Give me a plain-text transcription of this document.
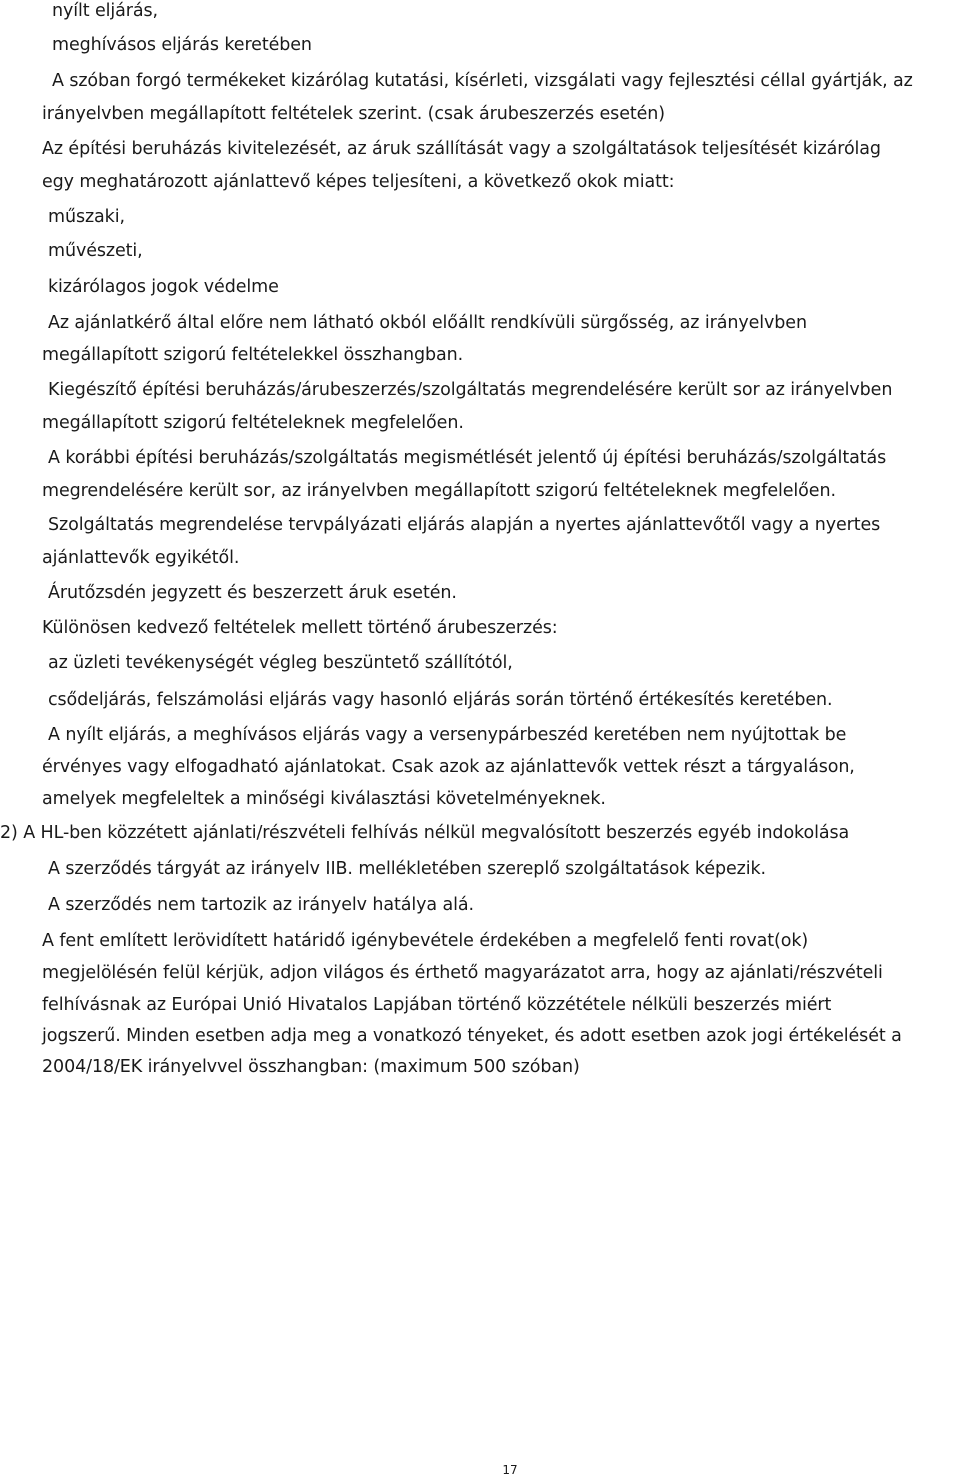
nyílt eljárás,
meghívásos eljárás keretében
A szóban forgó termékeket kizárólag kutatási, kísérleti, vizsgálati vagy fejlesztési céllal gyártják, az
irányelvben megállapított feltételek szerint. (csak árubeszerzés esetén)
Az építési beruházás kivitelezését, az áruk szállítását vagy a szolgáltatások teljesítését kizárólag
egy meghatározott ajánlattevő képes teljesíteni, a következő okok miatt:
műszaki,
művészeti,
kizárólagos jogok védelme
Az ajánlatkérő által előre nem látható okból előállt rendkívüli sürgősség, az irányelvben
megállapított szigorú feltételekkel összhangban.
Kiegészítő építési beruházás/árubeszerzés/szolgáltatás megrendelésére került sor az irányelvben
megállapított szigorú feltételeknek megfelelően.
A korábbi építési beruházás/szolgáltatás megismétlését jelentő új építési beruházás/szolgáltatás
megrendelésére került sor, az irányelvben megállapított szigorú feltételeknek megfelelően.
Szolgáltatás megrendelése tervpályázati eljárás alapján a nyertes ajánlattevőtől vagy a nyertes
ajánlattevők egyikétől.
Árutőzsdén jegyzett és beszerzett áruk esetén.
Különösen kedvező feltételek mellett történő árubeszerzés:
az üzleti tevékenységét végleg beszüntető szállítótól,
csődeljárás, felszámolási eljárás vagy hasonló eljárás során történő értékesítés keretében.
A nyílt eljárás, a meghívásos eljárás vagy a versenypárbeszéd keretében nem nyújtottak be
érvényes vagy elfogadható ajánlatokat. Csak azok az ajánlattevők vettek részt a tárgyaláson,
amelyek megfeleltek a minőségi kiválasztási követelményeknek.
2) A HL-ben közzétett ajánlati/részvételi felhívás nélkül megvalósított beszerzés egyéb indokolása
A szerződés tárgyát az irányelv IIB. mellékletében szereplő szolgáltatások képezik.
A szerződés nem tartozik az irányelv hatálya alá.
A fent említett lerövidített határidő igénybevétele érdekében a megfelelő fenti rovat(ok)
megjelölésén felül kérjük, adjon világos és érthető magyarázatot arra, hogy az ajánlati/részvételi
felhívásnak az Európai Unió Hivatalos Lapjában történő közzététele nélküli beszerzés miért
jogszerű. Minden esetben adja meg a vonatkozó tényeket, és adott esetben azok jogi értékelését a
2004/18/EK irányelvvel összhangban: (maximum 500 szóban)
17
